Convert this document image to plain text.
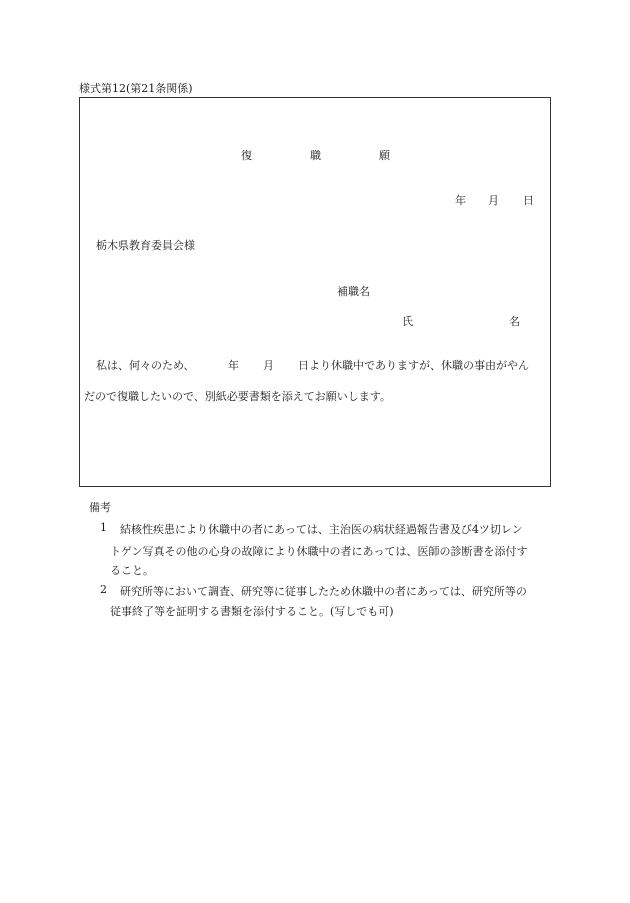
様式第12(第21条関係)
復	職	願
年 月 日
栃木県教育委員会様
補職名
氏	名
私は、何々のため、	年 月 日より休職中でありますが、休職の事由がやん
だので復職したいので、別紙必要書類を添えてお願いします。
備考
1 結核性疾患により休職中の者にあっては、主治医の病状経過報告書及び4ツ切レン
トゲン写真その他の心身の故障により休職中の者にあっては、医師の診断書を添付す
ること。
2 研究所等において調査、研究等に従事したため休職中の者にあっては、研究所等の
従事終了等を証明する書類を添付すること。(写しでも可)
